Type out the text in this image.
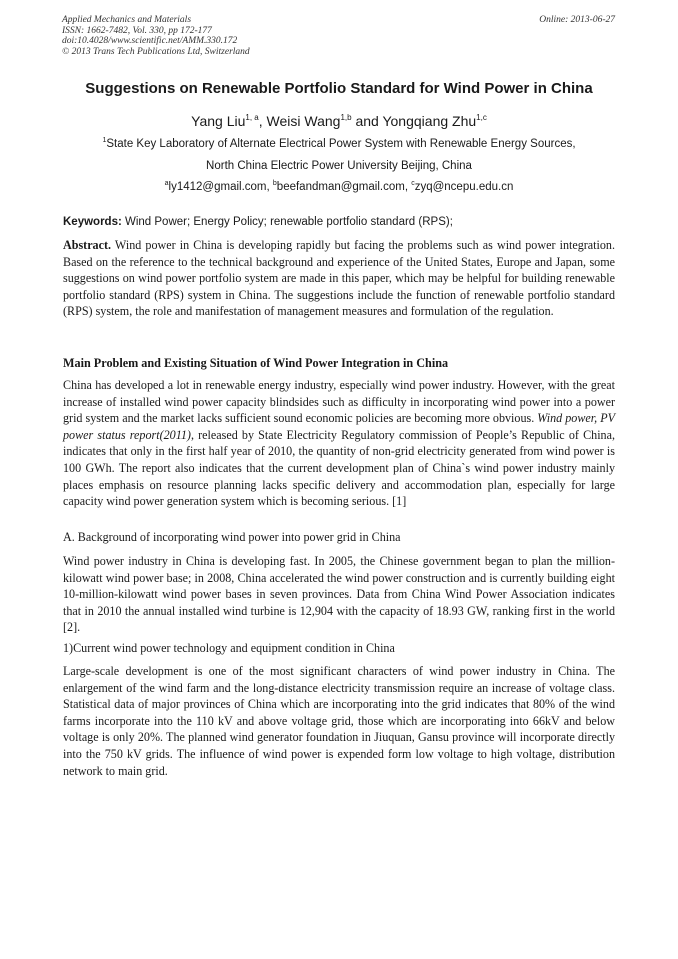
Applied Mechanics and Materials
ISSN: 1662-7482, Vol. 330, pp 172-177
doi:10.4028/www.scientific.net/AMM.330.172
© 2013 Trans Tech Publications Ltd, Switzerland
Online: 2013-06-27
Suggestions on Renewable Portfolio Standard for Wind Power in China
Yang Liu$^{1, a}$, Weisi Wang$^{1,b}$ and Yongqiang Zhu$^{1,c}$
$^1$State Key Laboratory of Alternate Electrical Power System with Renewable Energy Sources,
North China Electric Power University Beijing, China
$^a$ly1412@gmail.com, $^b$beefandman@gmail.com, $^c$zyq@ncepu.edu.cn
Keywords: Wind Power; Energy Policy; renewable portfolio standard (RPS);
Abstract. Wind power in China is developing rapidly but facing the problems such as wind power integration. Based on the reference to the technical background and experience of the United States, Europe and Japan, some suggestions on wind power portfolio system are made in this paper, which may be helpful for building renewable portfolio standard (RPS) system in China. The suggestions include the function of renewable portfolio standard (RPS) system, the role and manifestation of management measures and formulation of the regulation.
Main Problem and Existing Situation of Wind Power Integration in China
China has developed a lot in renewable energy industry, especially wind power industry. However, with the great increase of installed wind power capacity blindsides such as difficulty in incorporating wind power into a power grid system and the market lacks sufficient sound economic policies are becoming more obvious. Wind power, PV power status report(2011), released by State Electricity Regulatory commission of People’s Republic of China, indicates that only in the first half year of 2010, the quantity of non-grid electricity generated from wind power is 100 GWh. The report also indicates that the current development plan of China`s wind power industry mainly places emphasis on resource planning lacks specific delivery and accommodation plan, especially for large capacity wind power generation system which is becoming serious. [1]
A. Background of incorporating wind power into power grid in China
Wind power industry in China is developing fast. In 2005, the Chinese government began to plan the million-kilowatt wind power base; in 2008, China accelerated the wind power construction and is currently building eight 10-million-kilowatt wind power bases in seven provinces. Data from China Wind Power Association indicates that in 2010 the annual installed wind turbine is 12,904 with the capacity of 18.93 GW, ranking first in the world [2].
1)Current wind power technology and equipment condition in China
Large-scale development is one of the most significant characters of wind power industry in China. The enlargement of the wind farm and the long-distance electricity transmission require an increase of voltage class. Statistical data of major provinces of China which are incorporating into the grid indicates that 80% of the wind farms incorporate into the 110 kV and above voltage grid, those which are incorporating into 66kV and below voltage is only 20%. The planned wind generator foundation in Jiuquan, Gansu province will incorporate directly into the 750 kV grids. The influence of wind power is expended form low voltage to high voltage, distribution network to main grid.
